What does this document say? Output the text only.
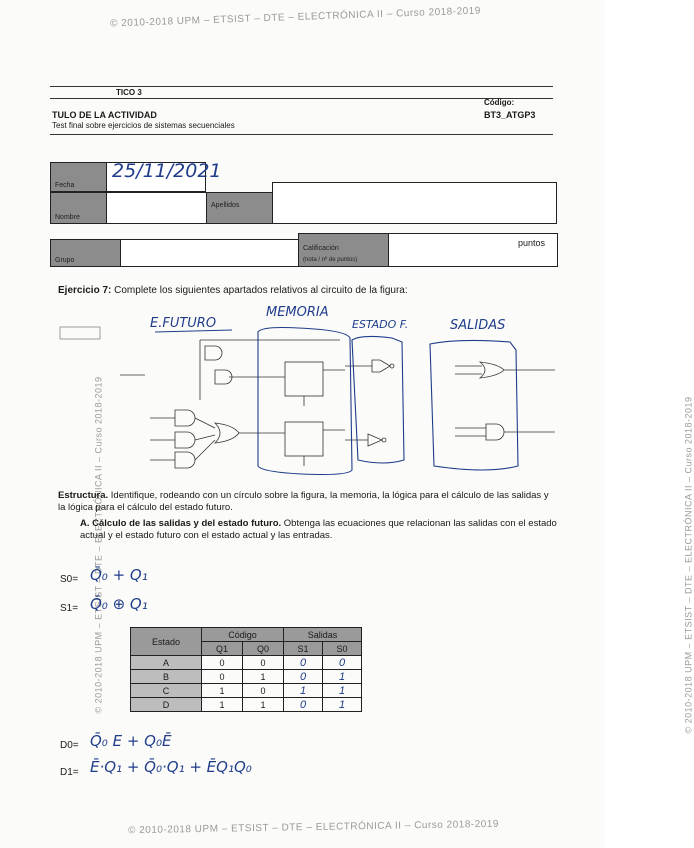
© 2010-2018 UPM – ETSIST – DTE – ELECTRÓNICA II – Curso 2018-2019
© 2010-2018 UPM – ETSIST – DTE – ELECTRÓNICA II – Curso 2018-2019
© 2010-2018 UPM – ETSIST – DTE – ELECTRÓNICA II – Curso 2018-2019	© 2010-2018 UPM – ETSIST – DTE – ELECTRÓNICA II – Curso 2018-2019
TICO 3
TULO DE LA ACTIVIDAD
Test final sobre ejercicios de sistemas secuenciales
Código:
BT3_ATGP3
Fecha
25/11/2021
Nombre
Apellidos
Grupo
Calificación
(nota / nº de puntos)
puntos
Ejercicio 7: Complete los siguientes apartados relativos al circuito de la figura:
E.FUTURO
MEMORIA
ESTADO F.	SALIDAS
Estructura. Identifique, rodeando con un círculo sobre la figura, la memoria, la lógica para el cálculo de las salidas y la lógica para el cálculo del estado futuro.
A. Cálculo de las salidas y del estado futuro. Obtenga las ecuaciones que relacionan las salidas con el estado actual y el estado futuro con el estado actual y las entradas.
S0= Q̄₀ + Q₁
S1= Q̄₀ ⊕ Q₁
Estado	Código		Salidas	
	Q1	Q0	S1	S0
A	0	0	0	0
B	0	1	0	1
C	1	0	1	1
D	1	1	0	1
D0= Q̄₀ E + Q₀Ē
D1= Ē·Q₁ + Q̄₀·Q₁ + ĒQ₁Q₀
